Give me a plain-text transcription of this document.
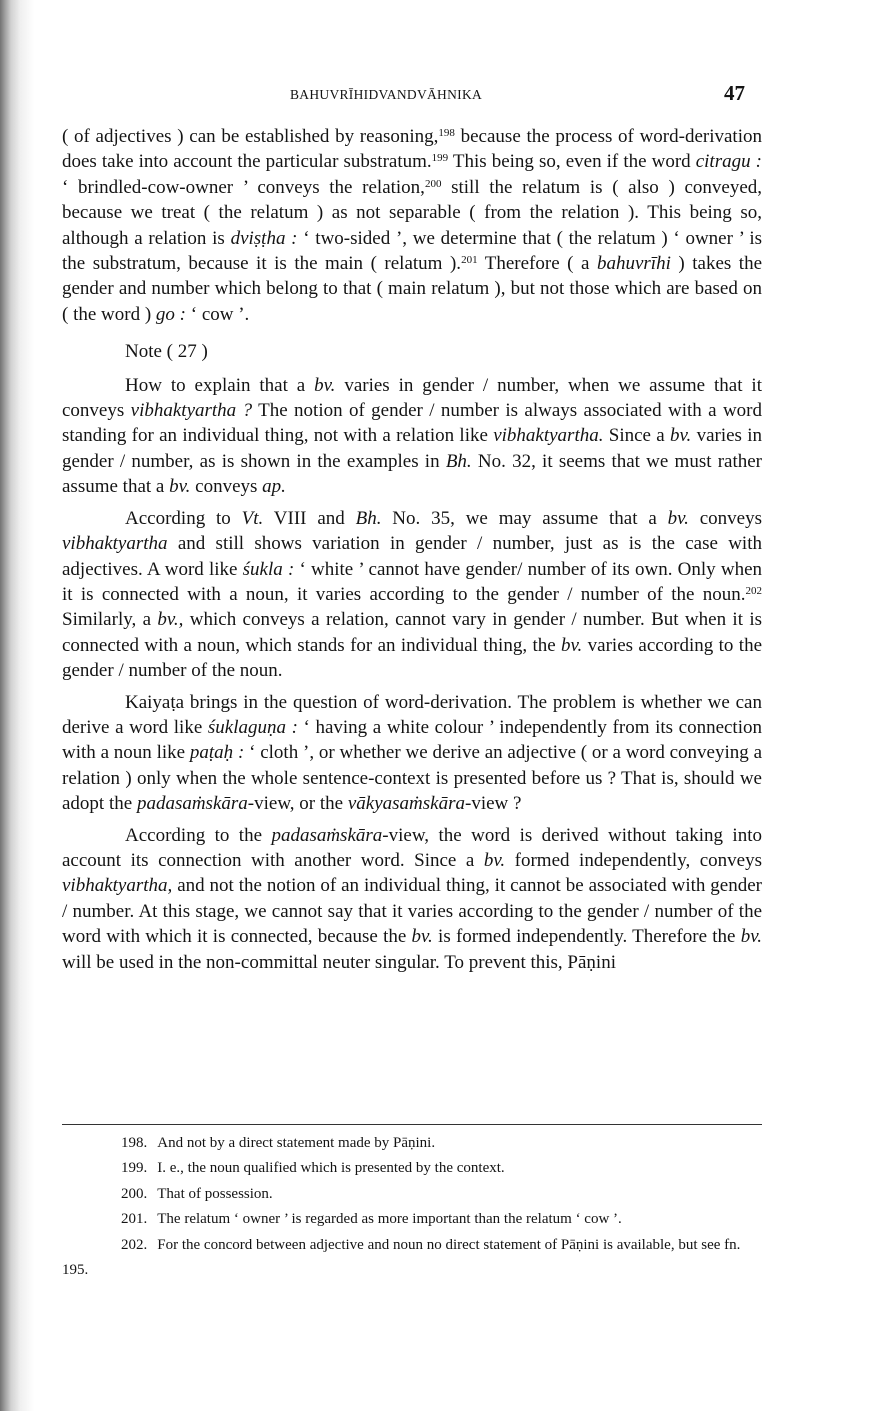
BAHUVRĪHIDVANDVĀHNIKA	47

( of adjectives ) can be established by reasoning,$^{198}$ because the process of word-derivation does take into account the particular substratum.$^{199}$ This being so, even if the word citragu : ‘ brindled-cow-owner ’ conveys the relation,$^{200}$ still the relatum is ( also ) conveyed, because we treat ( the relatum ) as not separable ( from the relation ). This being so, although a relation is dviṣṭha : ‘ two-sided ’, we determine that ( the relatum ) ‘ owner ’ is the substratum, because it is the main ( relatum ).$^{201}$ Therefore ( a bahuvrīhi ) takes the gender and number which belong to that ( main relatum ), but not those which are based on ( the word ) go : ‘ cow ’.

Note ( 27 )

How to explain that a bv. varies in gender / number, when we assume that it conveys vibhaktyartha ? The notion of gender / number is always associated with a word standing for an individual thing, not with a relation like vibhaktyartha. Since a bv. varies in gender / number, as is shown in the examples in Bh. No. 32, it seems that we must rather assume that a bv. conveys ap.

According to Vt. VIII and Bh. No. 35, we may assume that a bv. conveys vibhaktyartha and still shows variation in gender / number, just as is the case with adjectives. A word like śukla : ‘ white ’ cannot have gender/ number of its own. Only when it is connected with a noun, it varies according to the gender / number of the noun.$^{202}$ Similarly, a bv., which conveys a relation, cannot vary in gender / number. But when it is connected with a noun, which stands for an individual thing, the bv. varies according to the gender / number of the noun.

Kaiyaṭa brings in the question of word-derivation. The problem is whether we can derive a word like śuklaguṇa : ‘ having a white colour ’ independently from its connection with a noun like paṭaḥ : ‘ cloth ’, or whether we derive an adjective ( or a word conveying a relation ) only when the whole sentence-context is presented before us ? That is, should we adopt the padasaṁskāra-view, or the vākyasaṁskāra-view ?

According to the padasaṁskāra-view, the word is derived without taking into account its connection with another word. Since a bv. formed independently, conveys vibhaktyartha, and not the notion of an individual thing, it cannot be associated with gender / number. At this stage, we cannot say that it varies according to the gender / number of the word with which it is connected, because the bv. is formed independently. Therefore the bv. will be used in the non-committal neuter singular. To prevent this, Pāṇini

198. And not by a direct statement made by Pāṇini.

199. I. e., the noun qualified which is presented by the context.

200. That of possession.

201. The relatum ‘ owner ’ is regarded as more important than the relatum ‘ cow ’.

202. For the concord between adjective and noun no direct statement of Pāṇini is available, but see fn. 195.
